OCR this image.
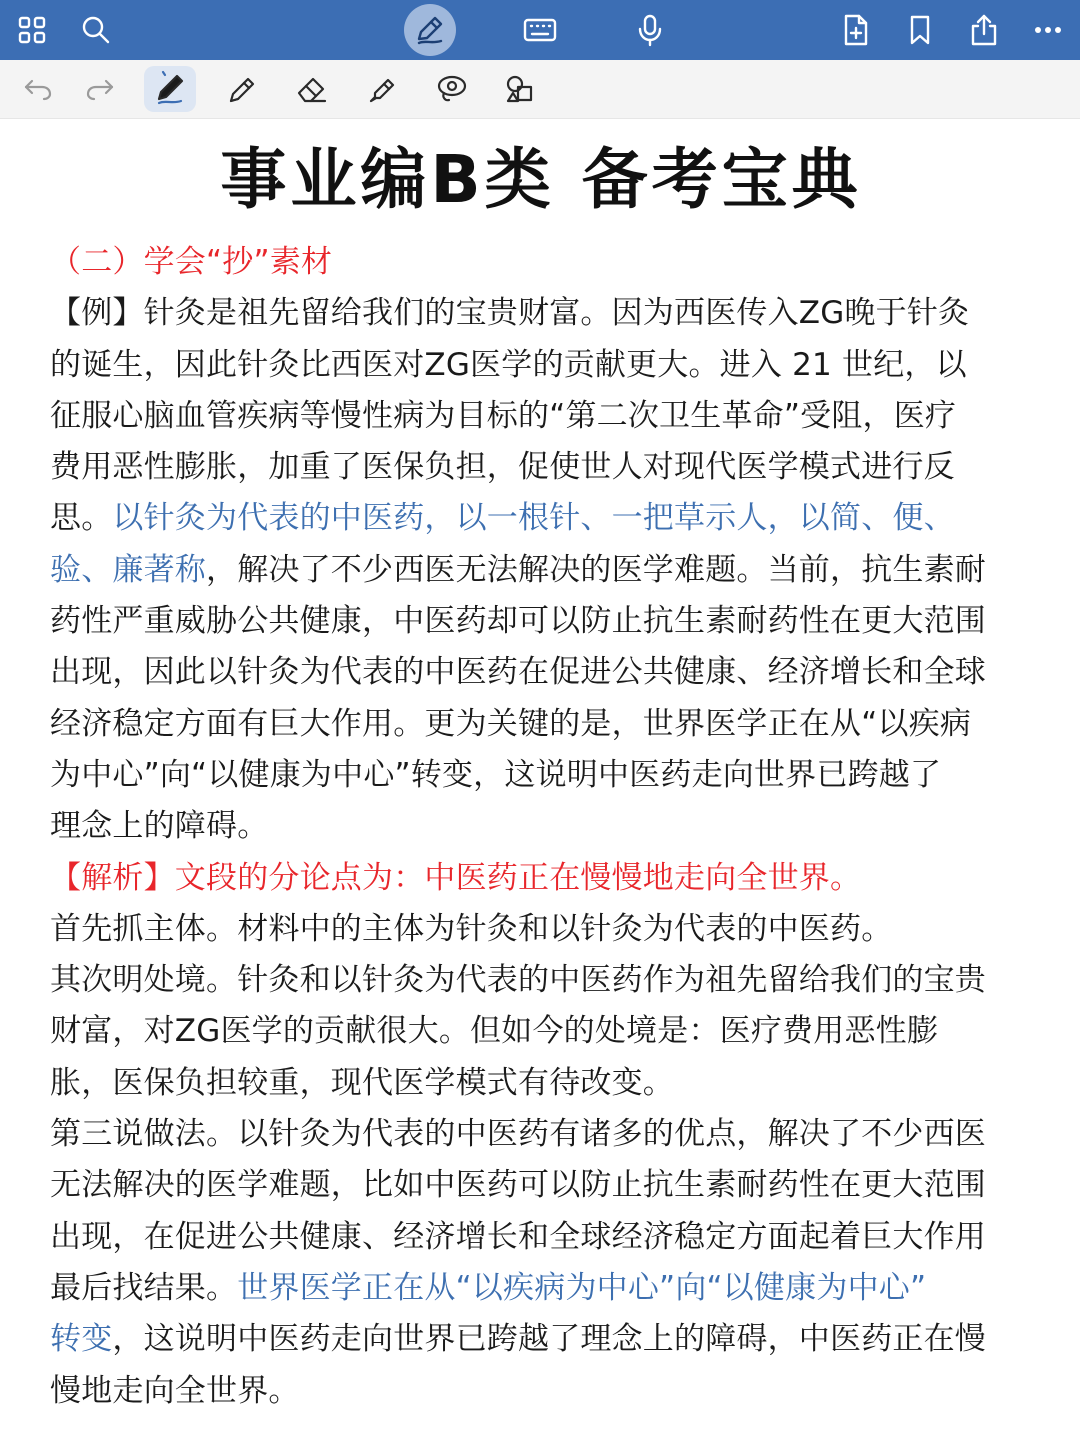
事业编B类 备考宝典
（二）学会“抄”素材
【例】针灸是祖先留给我们的宝贵财富。因为西医传入ZG晚于针灸
的诞生，因此针灸比西医对ZG医学的贡献更大。进入 21 世纪，以
征服心脑血管疾病等慢性病为目标的“第二次卫生革命”受阻，医疗
费用恶性膨胀，加重了医保负担，促使世人对现代医学模式进行反
思。以针灸为代表的中医药，以一根针、一把草示人，以简、便、
验、廉著称，解决了不少西医无法解决的医学难题。当前，抗生素耐
药性严重威胁公共健康，中医药却可以防止抗生素耐药性在更大范围
出现，因此以针灸为代表的中医药在促进公共健康、经济增长和全球
经济稳定方面有巨大作用。更为关键的是，世界医学正在从“以疾病
为中心”向“以健康为中心”转变，这说明中医药走向世界已跨越了
理念上的障碍。
【解析】文段的分论点为：中医药正在慢慢地走向全世界。
首先抓主体。材料中的主体为针灸和以针灸为代表的中医药。
其次明处境。针灸和以针灸为代表的中医药作为祖先留给我们的宝贵
财富，对ZG医学的贡献很大。但如今的处境是：医疗费用恶性膨
胀，医保负担较重，现代医学模式有待改变。
第三说做法。以针灸为代表的中医药有诸多的优点，解决了不少西医
无法解决的医学难题，比如中医药可以防止抗生素耐药性在更大范围
出现，在促进公共健康、经济增长和全球经济稳定方面起着巨大作用
最后找结果。世界医学正在从“以疾病为中心”向“以健康为中心”
转变，这说明中医药走向世界已跨越了理念上的障碍，中医药正在慢
慢地走向全世界。
